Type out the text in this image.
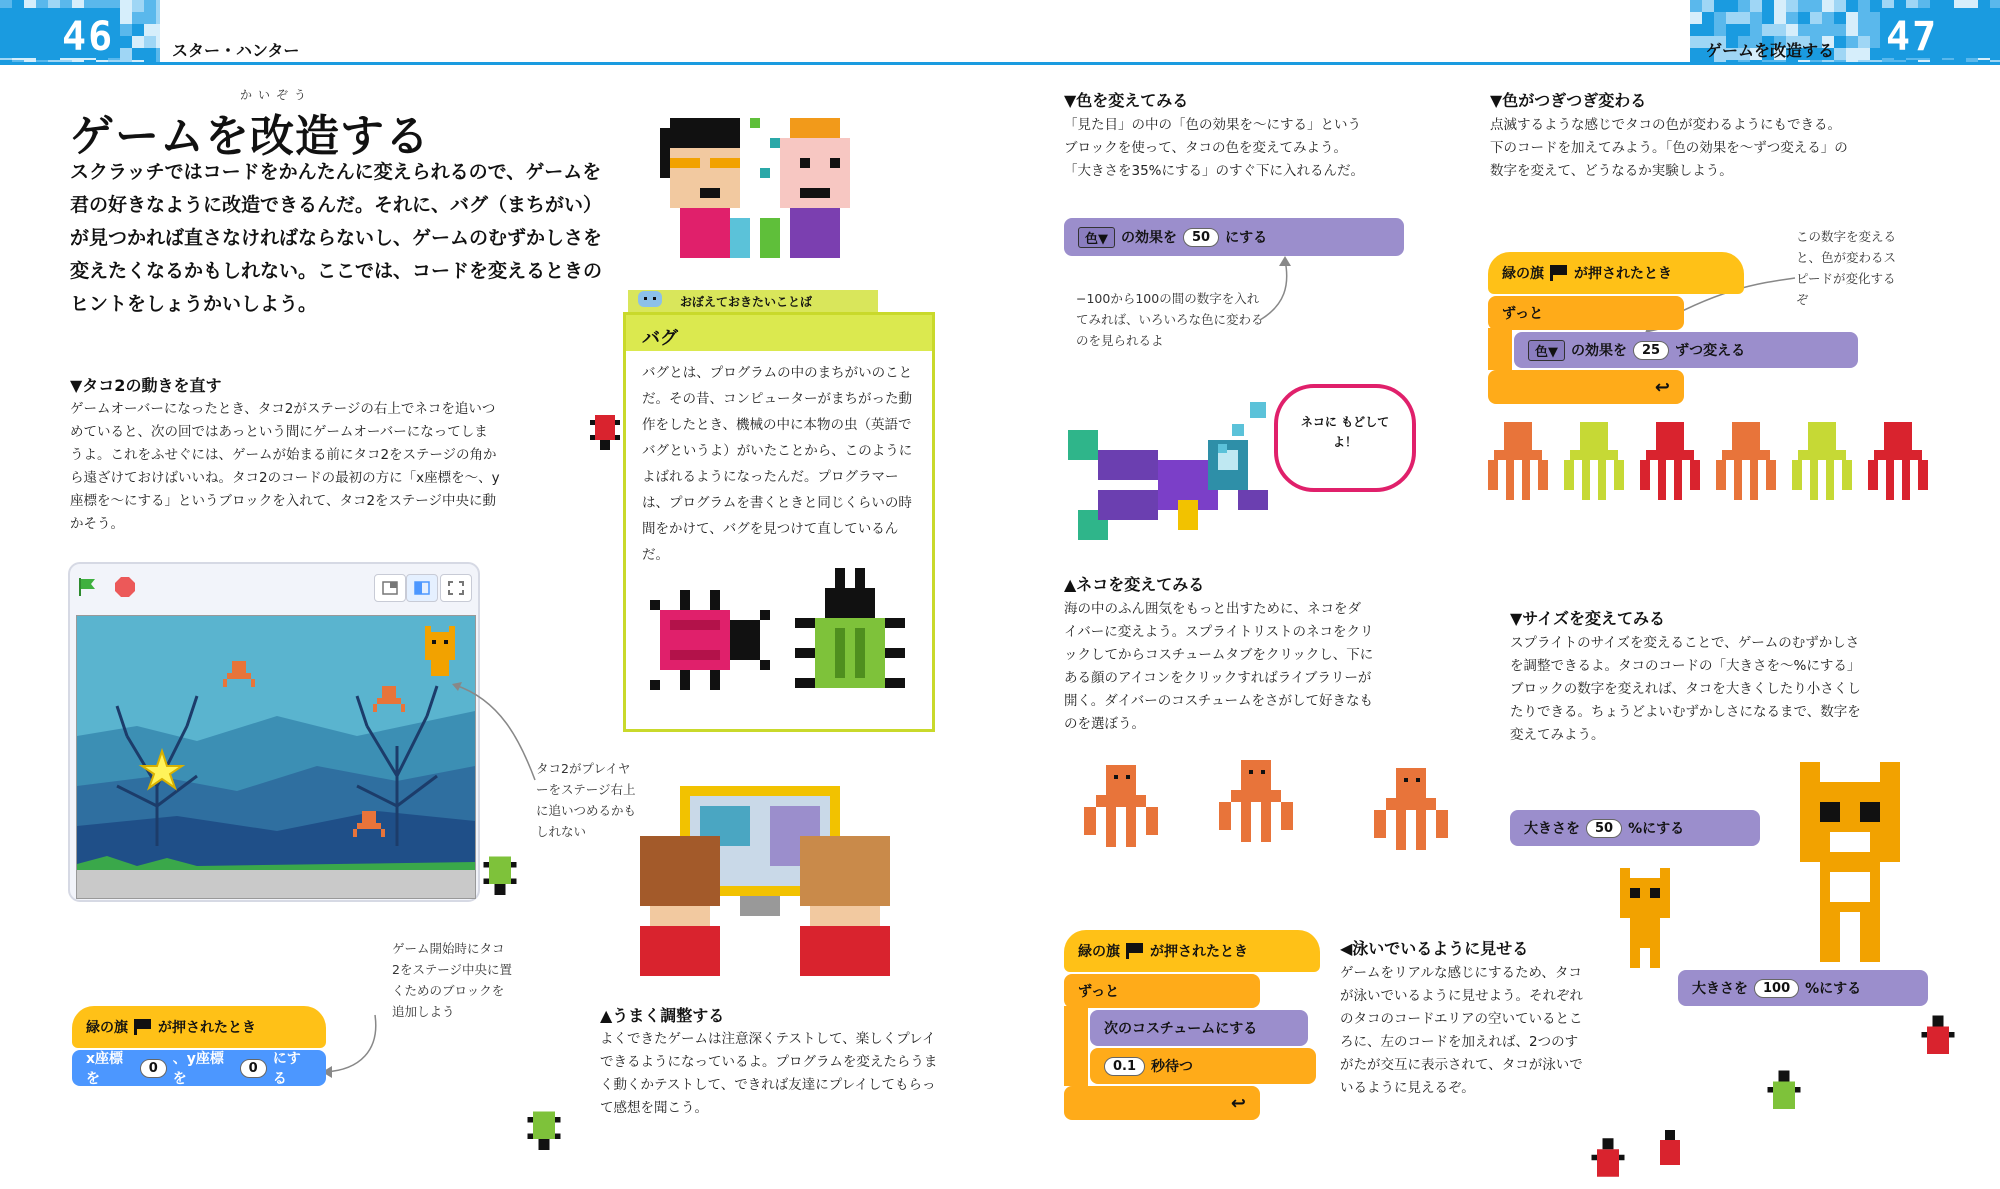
46	スター・ハンター	ゲームを改造する 47
かいぞう
ゲームを改造する
スクラッチではコードをかんたんに変えられるので、ゲームを君の好きなように改造できるんだ。それに、バグ（まちがい）が見つかれば直さなければならないし、ゲームのむずかしさを変えたくなるかもしれない。ここでは、コードを変えるときのヒントをしょうかいしよう。
▼タコ2の動きを直す
ゲームオーバーになったとき、タコ2がステージの右上でネコを追いつめていると、次の回ではあっという間にゲームオーバーになってしまうよ。これをふせぐには、ゲームが始まる前にタコ2をステージの角から遠ざけておけばいいね。タコ2のコードの最初の方に「x座標を〜、y座標を〜にする」というブロックを入れて、タコ2をステージ中央に動かそう。
タコ2がプレイヤーをステージ右上に追いつめるかもしれない
ゲーム開始時にタコ2をステージ中央に置くためのブロックを追加しよう
緑の旗 が押されたとき
x座標を
0
、y座標を
0
にする
おぼえておきたいことば
バグ
バグとは、プログラムの中のまちがいのことだ。その昔、コンピューターがまちがった動作をしたとき、機械の中に本物の虫（英語でバグというよ）がいたことから、このようによばれるようになったんだ。プログラマーは、プログラムを書くときと同じくらいの時間をかけて、バグを見つけて直しているんだ。
▲うまく調整する
よくできたゲームは注意深くテストして、楽しくプレイできるようになっているよ。プログラムを変えたらうまく動くかテストして、できれば友達にプレイしてもらって感想を聞こう。
▼色を変えてみる
「見た目」の中の「色の効果を〜にする」というブロックを使って、タコの色を変えてみよう。「大きさを35%にする」のすぐ下に入れるんだ。
色▼ の効果を	50	にする
−100から100の間の数字を入れてみれば、いろいろな色に変わるのを見られるよ
ネコに もどしてよ！
▲ネコを変えてみる
海の中のふん囲気をもっと出すために、ネコをダイバーに変えよう。スプライトリストのネコをクリックしてからコスチュームタブをクリックし、下にある顔のアイコンをクリックすればライブラリーが開く。ダイバーのコスチュームをさがして好きなものを選ぼう。
緑の旗 が押されたとき
ずっと
次のコスチュームにする
0.1	秒待つ
↩
◀泳いでいるように見せる
ゲームをリアルな感じにするため、タコが泳いでいるように見せよう。それぞれのタコのコードエリアの空いているところに、左のコードを加えれば、2つのすがたが交互に表示されて、タコが泳いでいるように見えるぞ。
▼色がつぎつぎ変わる
点滅するような感じでタコの色が変わるようにもできる。下のコードを加えてみよう。「色の効果を〜ずつ変える」の数字を変えて、どうなるか実験しよう。
この数字を変えると、色が変わるスピードが変化するぞ
緑の旗 が押されたとき
ずっと
色▼ の効果を	25	ずつ変える
↩
▼サイズを変えてみる
スプライトのサイズを変えることで、ゲームのむずかしさを調整できるよ。タコのコードの「大きさを〜%にする」ブロックの数字を変えれば、タコを大きくしたり小さくしたりできる。ちょうどよいむずかしさになるまで、数字を変えてみよう。
大きさを	50	%にする
大きさを	100	%にする
